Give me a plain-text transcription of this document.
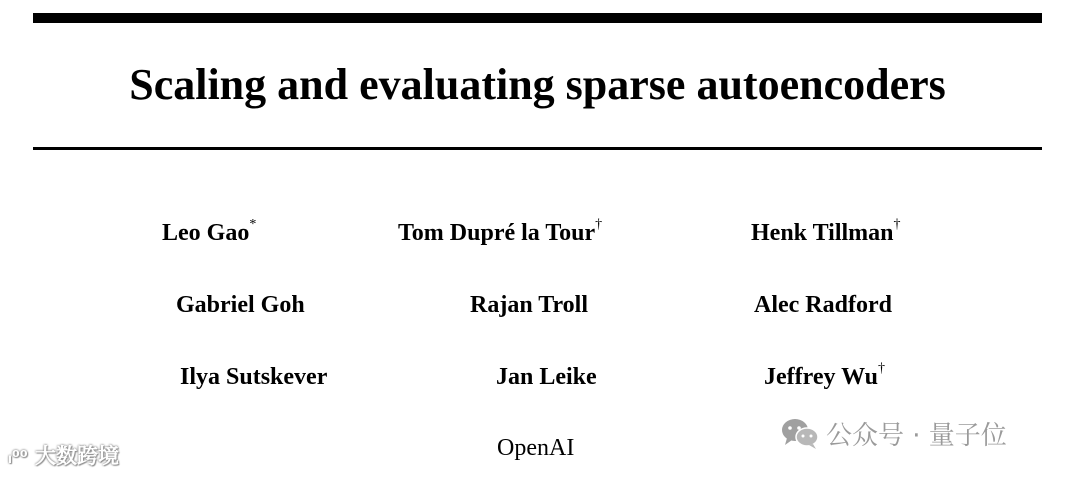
Scaling and evaluating sparse autoencoders
Leo Gao*	Tom Dupré la Tour†	Henk Tillman†
Gabriel Goh	Rajan Troll	Alec Radford
Ilya Sutskever	Jan Leike	Jeffrey Wu†
OpenAI
ₗ⁰⁰ 大数跨境
公众号 · 量子位
